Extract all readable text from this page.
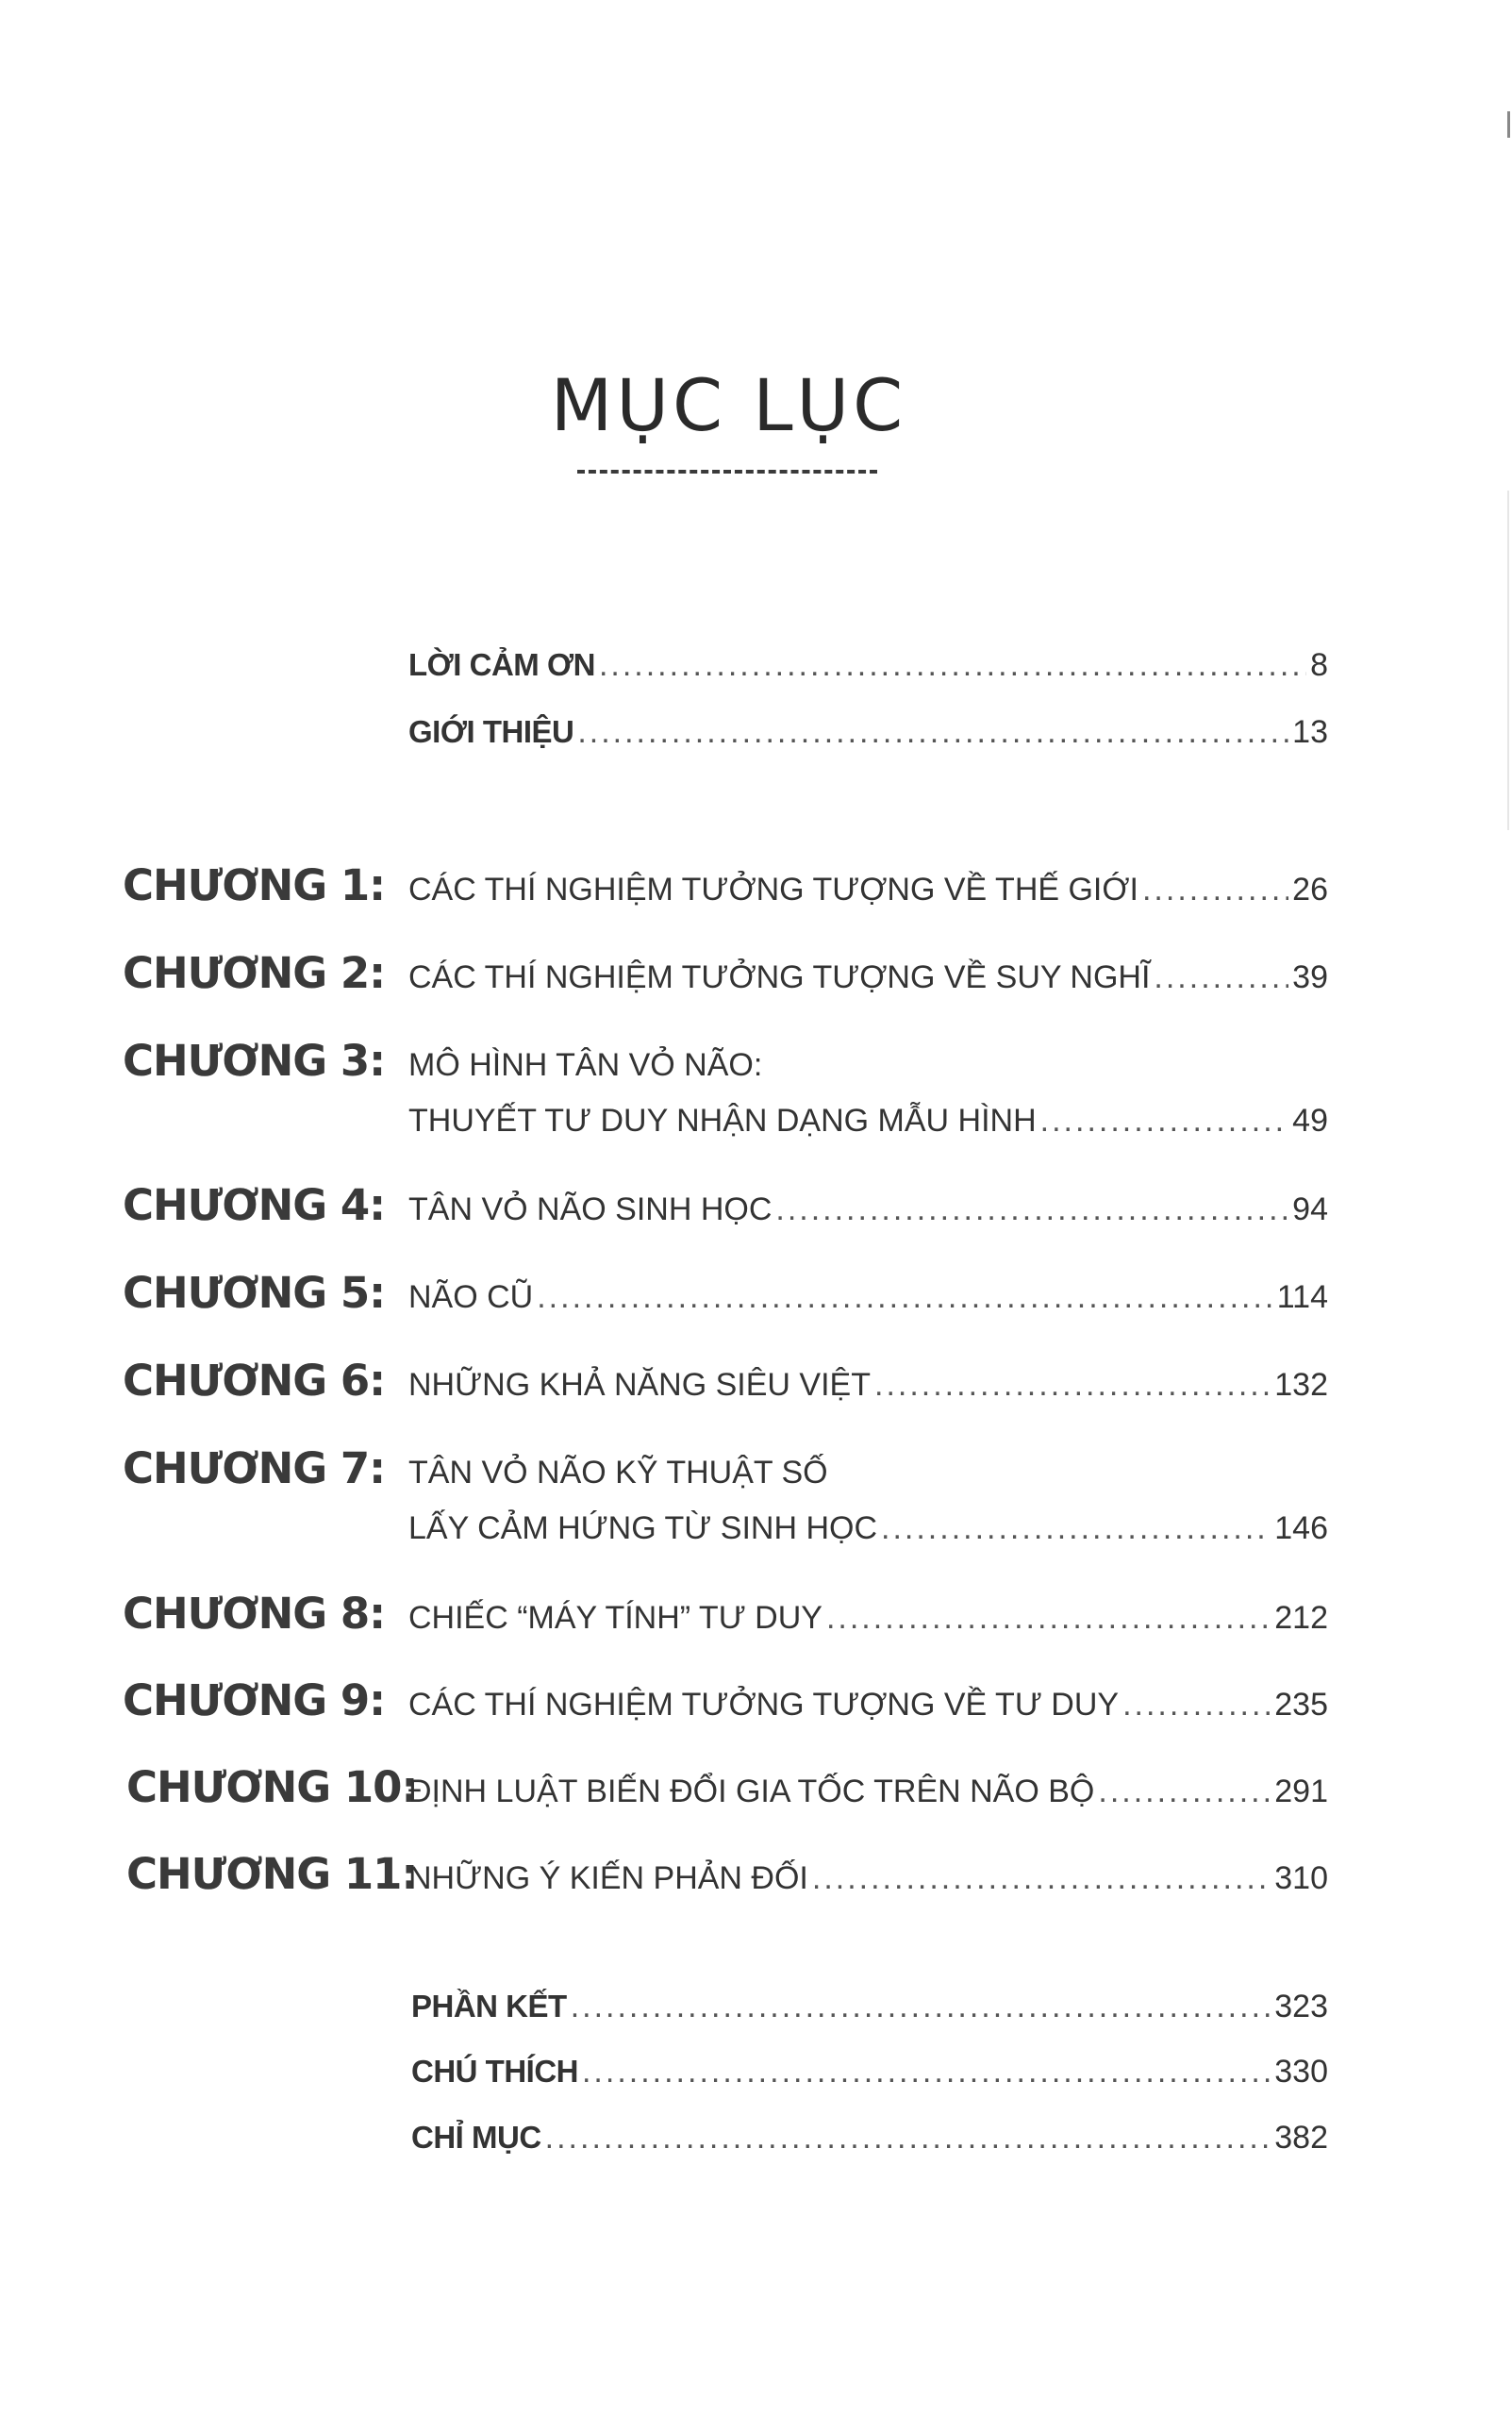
MỤC LỤC
LỜI CẢM ƠN .....	8
GIỚI THIỆU .....	13
CHƯƠNG 1: CÁC THÍ NGHIỆM TƯỞNG TƯỢNG VỀ THẾ GIỚI .....	26
CHƯƠNG 2: CÁC THÍ NGHIỆM TƯỞNG TƯỢNG VỀ SUY NGHĨ .....	39
CHƯƠNG 3: MÔ HÌNH TÂN VỎ NÃO:
THUYẾT TƯ DUY NHẬN DẠNG MẪU HÌNH .....	49
CHƯƠNG 4: TÂN VỎ NÃO SINH HỌC .....	94
CHƯƠNG 5: NÃO CŨ .....	114
CHƯƠNG 6: NHỮNG KHẢ NĂNG SIÊU VIỆT .....	132
CHƯƠNG 7: TÂN VỎ NÃO KỸ THUẬT SỐ
LẤY CẢM HỨNG TỪ SINH HỌC .....	146
CHƯƠNG 8: CHIẾC “MÁY TÍNH” TƯ DUY .....	212
CHƯƠNG 9: CÁC THÍ NGHIỆM TƯỞNG TƯỢNG VỀ TƯ DUY .....	235
CHƯƠNG 10:
ĐỊNH LUẬT BIẾN ĐỔI GIA TỐC TRÊN NÃO BỘ .....	291
CHƯƠNG 11:
NHỮNG Ý KIẾN PHẢN ĐỐI .....	310
PHẦN KẾT .....	323
CHÚ THÍCH .....	330
CHỈ MỤC .....	382
